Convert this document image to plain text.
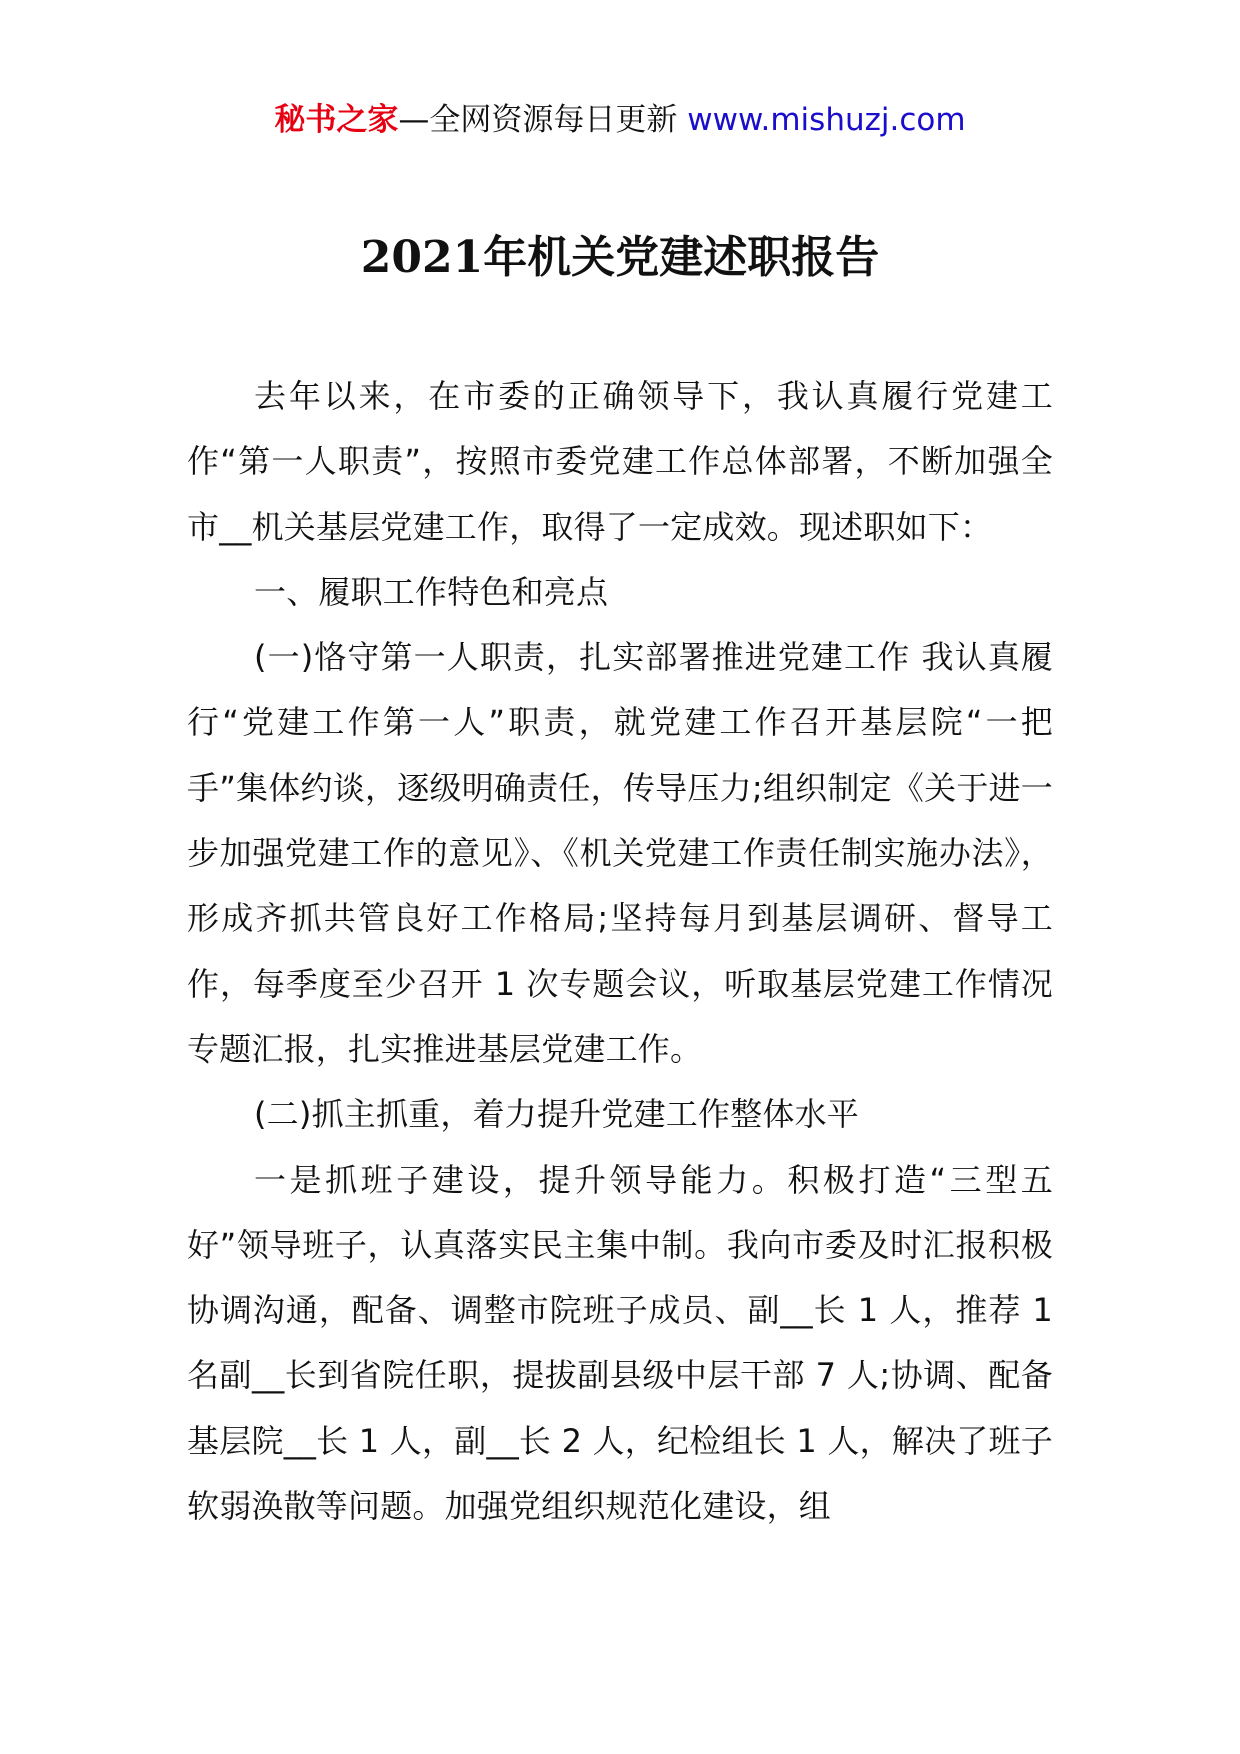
秘书之家—全网资源每日更新 www.mishuzj.com
2021年机关党建述职报告

去年以来，在市委的正确领导下，我认真履行党建工作“第一人职责”，按照市委党建工作总体部署，不断加强全市__机关基层党建工作，取得了一定成效。现述职如下：

一、履职工作特色和亮点

(一)恪守第一人职责，扎实部署推进党建工作 我认真履行“党建工作第一人”职责，就党建工作召开基层院“一把手”集体约谈，逐级明确责任，传导压力;组织制定《关于进一步加强党建工作的意见》、《机关党建工作责任制实施办法》，形成齐抓共管良好工作格局;坚持每月到基层调研、督导工作，每季度至少召开 1 次专题会议，听取基层党建工作情况专题汇报，扎实推进基层党建工作。

(二)抓主抓重，着力提升党建工作整体水平

一是抓班子建设，提升领导能力。积极打造“三型五好”领导班子，认真落实民主集中制。我向市委及时汇报积极协调沟通，配备、调整市院班子成员、副__长 1 人，推荐 1 名副__长到省院任职，提拔副县级中层干部 7 人;协调、配备基层院__长 1 人，副__长 2 人，纪检组长 1 人，解决了班子软弱涣散等问题。加强党组织规范化建设，组
